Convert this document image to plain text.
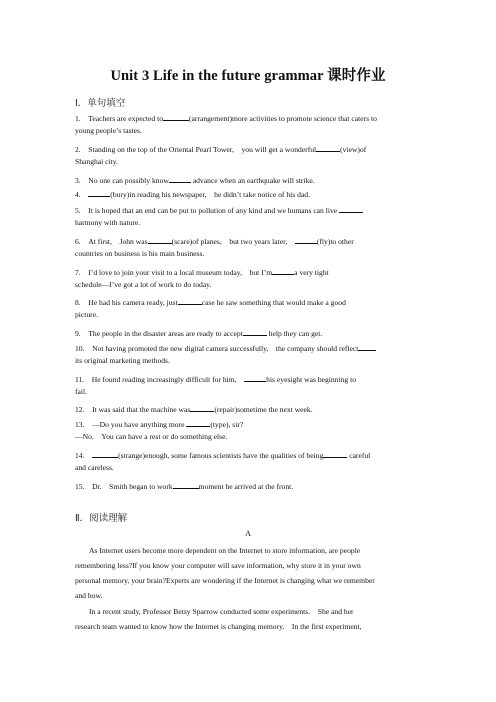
Unit 3 Life in the future grammar 课时作业
Ⅰ．单句填空
1.　Teachers are expected to	(arrangement)more activities to promote science that caters to
young people’s tastes.
2.　Standing on the top of the Oriental Pearl Tower,　you will get a wonderful	(view)of
Shanghai city.
3.　No one can possibly know	advance when an earthquake will strike.
4.　	(bury)in reading his newspaper,　he didn’t take notice of his dad.
5.　It is hoped that an end can be put to pollution of any kind and we humans can live
harmony with nature.
6.　At first,　John was	(scare)of planes,　but two years later,　	(fly)to other
countries on business is his main business.
7.　I’d love to join your visit to a local museum today,　but I’m	a very tight
schedule—I’ve got a lot of work to do today.
8.　He had his camera ready, just	case he saw something that would make a good
picture.
9.　The people in the disaster areas are ready to accept	help they can get.
10.　Not having promoted the new digital camera successfully,　the company should reflect
its original marketing methods.
11.　He found reading increasingly difficult for him,　	his eyesight was beginning to
fail.
12.　It was said that the machine was	(repair)sometime the next week.
13.　—Do you have anything more	(type), sir?
—No.　You can have a rest or do something else.
14.　	(strange)enough, some famous scientists have the qualities of being	careful
and careless.
15.　Dr.　Smith began to work	moment he arrived at the front.
Ⅱ．阅读理解
A
As Internet users become more dependent on the Internet to store information, are people
remembering less?If you know your computer will save information, why store it in your own
personal memory, your brain?Experts are wondering if the Internet is changing what we remember
and how.
In a recent study, Professor Betsy Sparrow conducted some experiments.　She and her
research team wanted to know how the Internet is changing memory.　In the first experiment,
